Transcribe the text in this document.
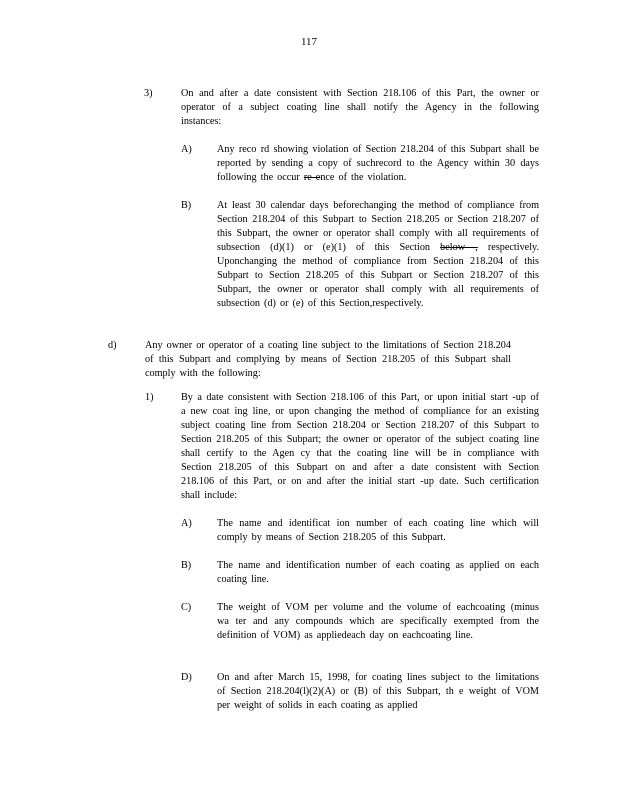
117
3)	On and after a date consistent with Section 218.106 of this Part, the owner or operator of a subject coating line shall notify the Agency in the following instances:
A) Any reco rd showing violation of Section 218.204 of this Subpart shall be reported by sending a copy of suchrecord to the Agency within 30 days following the occur re ence of the violation.
B)	At least 30 calendar days beforechanging the method of compliance from Section 218.204 of this Subpart to Section 218.205 or Section 218.207 of this Subpart, the owner or operator shall comply with all requirements of subsection (d)(1) or (e)(1) of this Section below , respectively. Uponchanging the method of compliance from Section 218.204 of this Subpart to Section 218.205 of this Subpart or Section 218.207 of this Subpart, the owner or operator shall comply with all requirements of subsection (d) or (e) of this Section,respectively.
d)	Any owner or operator of a coating line subject to the limitations of Section 218.204 of this Subpart and complying by means of Section 218.205 of this Subpart shall comply with the following:
1)	By a date consistent with Section 218.106 of this Part, or upon initial start -up of a new coat ing line, or upon changing the method of compliance for an existing subject coating line from Section 218.204 or Section 218.207 of this Subpart to Section 218.205 of this Subpart; the owner or operator of the subject coating line shall certify to the Agen cy that the coating line will be in compliance with Section 218.205 of this Subpart on and after a date consistent with Section 218.106 of this Part, or on and after the initial start -up date. Such certification shall include:
A) The name and identificat ion number of each coating line which will comply by means of Section 218.205 of this Subpart.
B)	The name and identification number of each coating as applied on each coating line.
C)	The weight of VOM per volume and the volume of eachcoating (minus wa ter and any compounds which are specifically exempted from the definition of VOM) as appliedeach day on eachcoating line.
D) On and after March 15, 1998, for coating lines subject to the limitations of Section 218.204(l)(2)(A) or (B) of this Subpart, th e weight of VOM per weight of solids in each coating as applied
